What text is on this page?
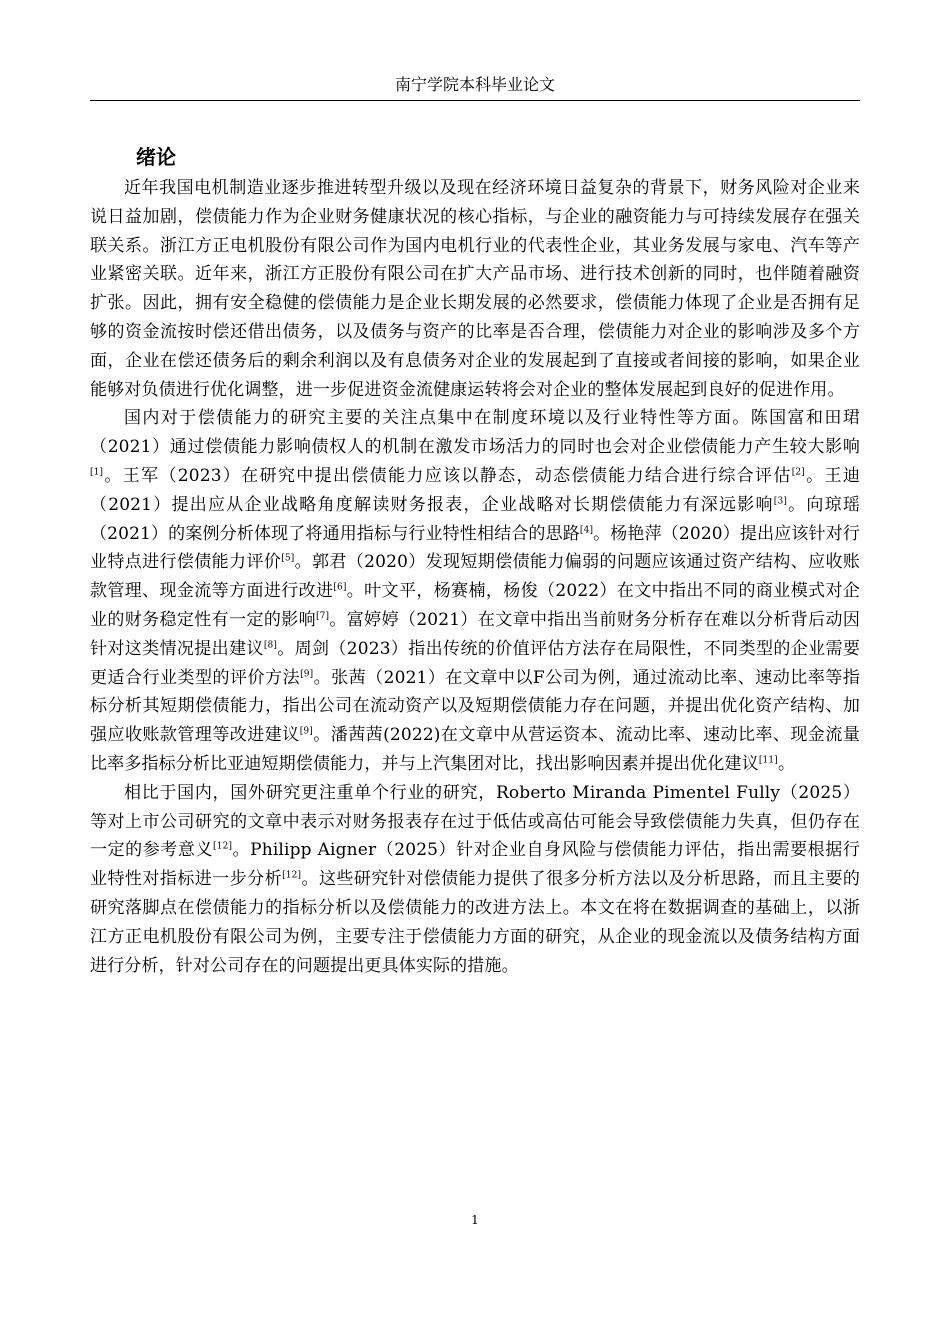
南宁学院本科毕业论文
绪论

近年我国电机制造业逐步推进转型升级以及现在经济环境日益复杂的背景下，财务风险对企业来说日益加剧，偿债能力作为企业财务健康状况的核心指标，与企业的融资能力与可持续发展存在强关联关系。浙江方正电机股份有限公司作为国内电机行业的代表性企业，其业务发展与家电、汽车等产业紧密关联。近年来，浙江方正股份有限公司在扩大产品市场、进行技术创新的同时，也伴随着融资扩张。因此，拥有安全稳健的偿债能力是企业长期发展的必然要求，偿债能力体现了企业是否拥有足够的资金流按时偿还借出债务，以及债务与资产的比率是否合理，偿债能力对企业的影响涉及多个方面，企业在偿还债务后的剩余利润以及有息债务对企业的发展起到了直接或者间接的影响，如果企业能够对负债进行优化调整，进一步促进资金流健康运转将会对企业的整体发展起到良好的促进作用。

国内对于偿债能力的研究主要的关注点集中在制度环境以及行业特性等方面。陈国富和田珺（2021）通过偿债能力影响债权人的机制在激发市场活力的同时也会对企业偿债能力产生较大影响[1]。王军（2023）在研究中提出偿债能力应该以静态，动态偿债能力结合进行综合评估[2]。王迪（2021）提出应从企业战略角度解读财务报表，企业战略对长期偿债能力有深远影响[3]。向琼瑶（2021）的案例分析体现了将通用指标与行业特性相结合的思路[4]。杨艳萍（2020）提出应该针对行业特点进行偿债能力评价[5]。郭君（2020）发现短期偿债能力偏弱的问题应该通过资产结构、应收账款管理、现金流等方面进行改进[6]。叶文平，杨赛楠，杨俊（2022）在文中指出不同的商业模式对企业的财务稳定性有一定的影响[7]。富婷婷（2021）在文章中指出当前财务分析存在难以分析背后动因针对这类情况提出建议[8]。周剑（2023）指出传统的价值评估方法存在局限性，不同类型的企业需要更适合行业类型的评价方法[9]。张茜（2021）在文章中以F公司为例，通过流动比率、速动比率等指标分析其短期偿债能力，指出公司在流动资产以及短期偿债能力存在问题，并提出优化资产结构、加强应收账款管理等改进建议[9]。潘茜茜(2022)在文章中从营运资本、流动比率、速动比率、现金流量比率多指标分析比亚迪短期偿债能力，并与上汽集团对比，找出影响因素并提出优化建议[11]。

相比于国内，国外研究更注重单个行业的研究，Roberto Miranda Pimentel Fully（2025）等对上市公司研究的文章中表示对财务报表存在过于低估或高估可能会导致偿债能力失真，但仍存在一定的参考意义[12]。Philipp Aigner（2025）针对企业自身风险与偿债能力评估，指出需要根据行业特性对指标进一步分析[12]。这些研究针对偿债能力提供了很多分析方法以及分析思路，而且主要的研究落脚点在偿债能力的指标分析以及偿债能力的改进方法上。本文在将在数据调查的基础上，以浙江方正电机股份有限公司为例，主要专注于偿债能力方面的研究，从企业的现金流以及债务结构方面进行分析，针对公司存在的问题提出更具体实际的措施。

1
